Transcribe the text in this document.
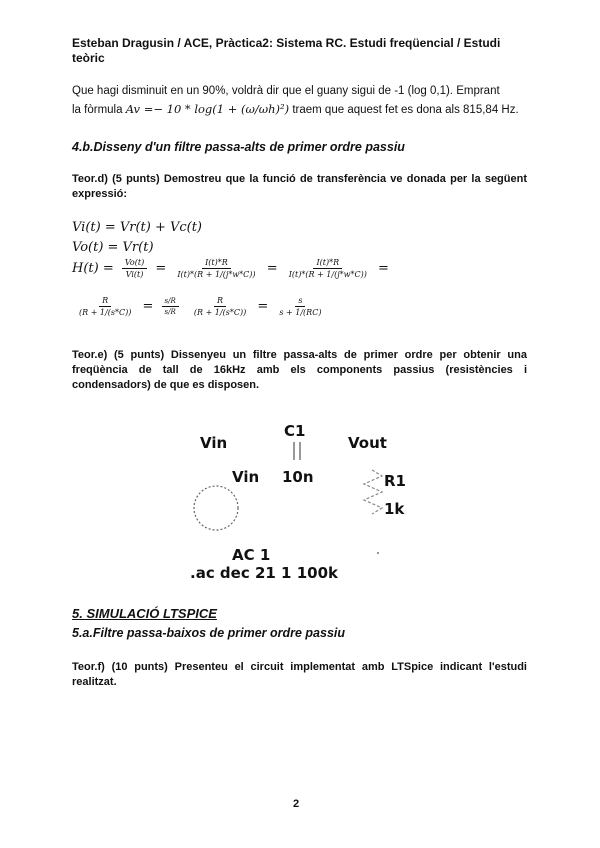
Esteban Dragusin / ACE, Pràctica2: Sistema RC. Estudi freqüencial / Estudi teòric
Que hagi disminuit en un 90%, voldrà dir que el guany sigui de -1 (log 0,1). Emprant
la fòrmula Av =− 10 * log(1 + (ω/ωh)²) traem que aquest fet es dona als 815,84 Hz.
4.b.Disseny d'un filtre passa-alts de primer ordre passiu
Teor.d) (5 punts) Demostreu que la funció de transferència ve donada per la següent expressió:
Vi(t) = Vr(t) + Vc(t)
Vo(t) = Vr(t)
$H(t) = \frac{Vo(t)}{Vi(t)} = \frac{I(t)*R}{I(t)*(R + 1/(j*w*C))} = \frac{I(t)*R}{I(t)*(R + 1/(j*w*C))}$ =
$\frac{R}{(R + 1/(s*C))} = \frac{s/R}{s/R}$
$\frac{R}{(R + 1/(s*C))} = \frac{s}{s + 1/(RC)}$
Teor.e) (5 punts) Dissenyeu un filtre passa-alts de primer ordre per obtenir una freqüència de tall de 16kHz amb els components passius (resistències i condensadors) de que es disposen.
Vin
C1
Vout
Vin 10n	R1
1k
AC 1
.ac dec 21 1 100k
5. SIMULACIÓ LTSPICE
5.a.Filtre passa-baixos de primer ordre passiu
Teor.f) (10 punts) Presenteu el circuit implementat amb LTSpice indicant l'estudi realitzat.
2
